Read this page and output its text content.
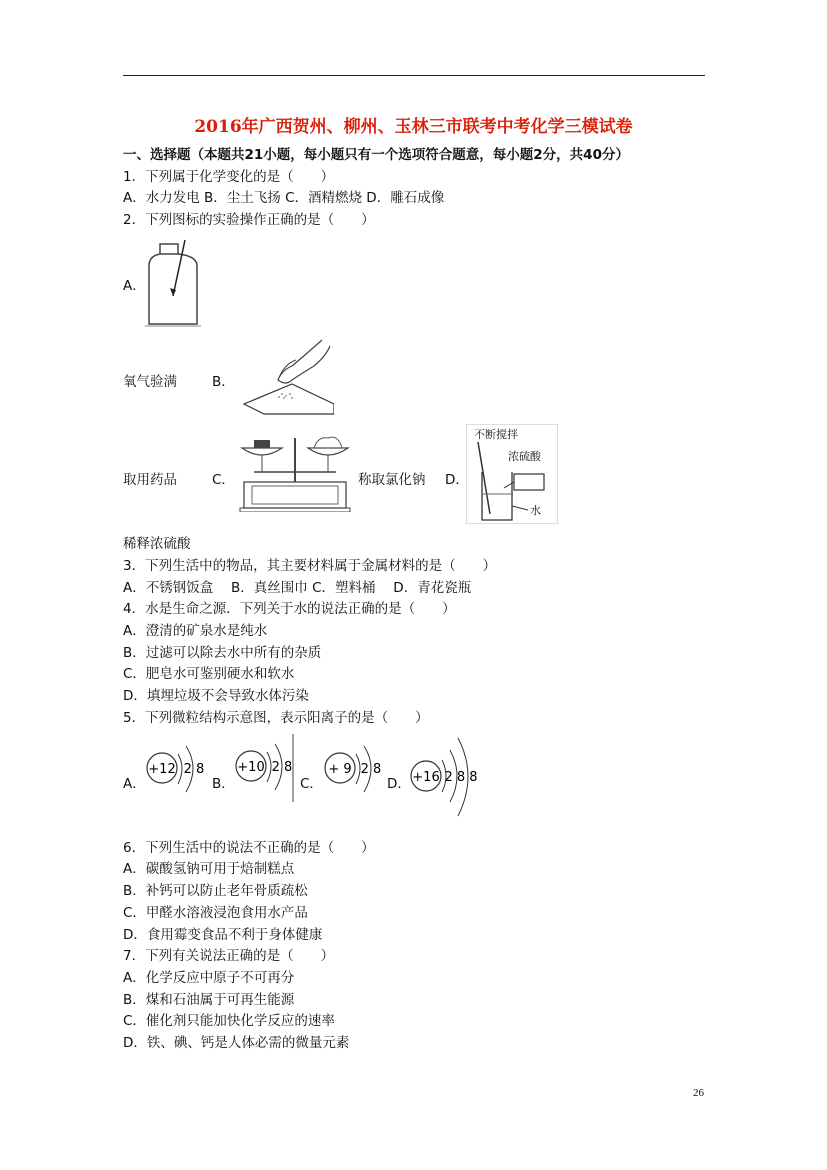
2016年广西贺州、柳州、玉林三市联考中考化学三模试卷
一、选择题（本题共21小题，每小题只有一个选项符合题意，每小题2分，共40分）
1．下列属于化学变化的是（　　）
A．水力发电 B．尘土飞扬 C．酒精燃烧 D．雕石成像
2．下列图标的实验操作正确的是（　　）
A．
氧气验满	B．
取用药品	C．	称取氯化钠 D．
不断搅拌
浓硫酸
水
稀释浓硫酸
3．下列生活中的物品，其主要材料属于金属材料的是（　　）
A．不锈钢饭盒　 B．真丝围巾 C．塑料桶　 D．青花瓷瓶
4．水是生命之源．下列关于水的说法正确的是（　　）
A．澄清的矿泉水是纯水
B．过滤可以除去水中所有的杂质
C．肥皂水可鉴别硬水和软水
D．填埋垃圾不会导致水体污染
5．下列微粒结构示意图，表示阳离子的是（　　）
A．
+12 2 8
B．
+10 2 8
C．
+ 9 2 8
D． +16 2 8 8
6．下列生活中的说法不正确的是（　　）
A．碳酸氢钠可用于焙制糕点
B．补钙可以防止老年骨质疏松
C．甲醛水溶液浸泡食用水产品
D．食用霉变食品不利于身体健康
7．下列有关说法正确的是（　　）
A．化学反应中原子不可再分
B．煤和石油属于可再生能源
C．催化剂只能加快化学反应的速率
D．铁、碘、钙是人体必需的微量元素
26
